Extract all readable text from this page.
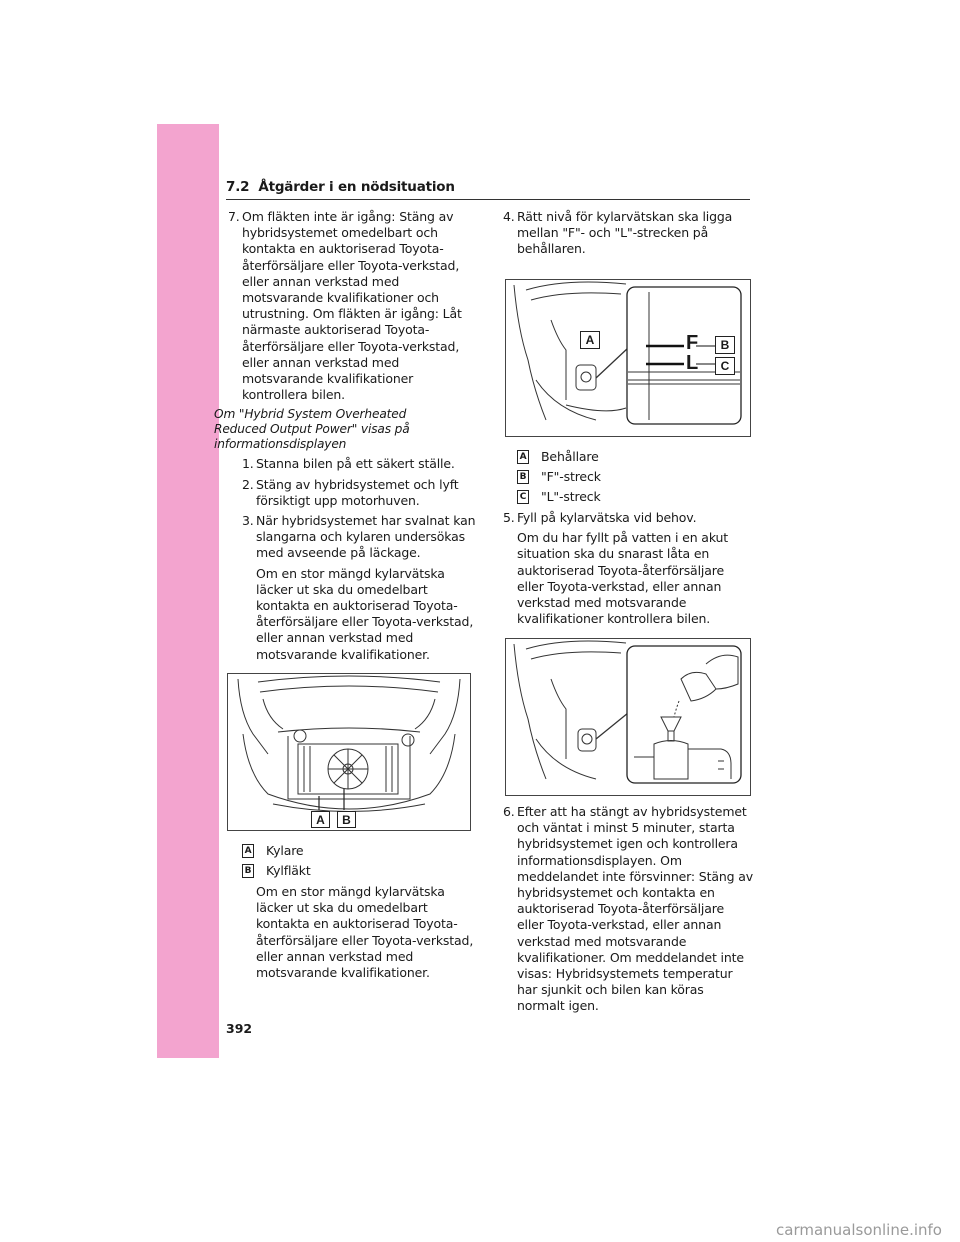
7.2 Åtgärder i en nödsituation
7. Om fläkten inte är igång: Stäng av hybridsystemet omedelbart och kontakta en auktoriserad Toyota-återförsäljare eller Toyota-verkstad, eller annan verkstad med motsvarande kvalifikationer och utrustning. Om fläkten är igång: Låt närmaste auktoriserad Toyota-återförsäljare eller Toyota-verkstad, eller annan verkstad med motsvarande kvalifikationer kontrollera bilen.
Om "Hybrid System Overheated Reduced Output Power" visas på informationsdisplayen
1. Stanna bilen på ett säkert ställe.
2. Stäng av hybridsystemet och lyft försiktigt upp motorhuven.
3. När hybridsystemet har svalnat kan slangarna och kylaren undersökas med avseende på läckage.
Om en stor mängd kylarvätska läcker ut ska du omedelbart kontakta en auktoriserad Toyota-återförsäljare eller Toyota-verkstad, eller annan verkstad med motsvarande kvalifikationer.
A	B
A Kylare
B Kylfläkt
Om en stor mängd kylarvätska läcker ut ska du omedelbart kontakta en auktoriserad Toyota-återförsäljare eller Toyota-verkstad, eller annan verkstad med motsvarande kvalifikationer.
4. Rätt nivå för kylarvätskan ska ligga mellan "F"- och "L"-strecken på behållaren.
A	F
L
B
C
A Behållare
B "F"-streck
C "L"-streck
5. Fyll på kylarvätska vid behov.
Om du har fyllt på vatten i en akut situation ska du snarast låta en auktoriserad Toyota-återförsäljare eller Toyota-verkstad, eller annan verkstad med motsvarande kvalifikationer kontrollera bilen.
6. Efter att ha stängt av hybridsystemet och väntat i minst 5 minuter, starta hybridsystemet igen och kontrollera informationsdisplayen. Om meddelandet inte försvinner: Stäng av hybridsystemet och kontakta en auktoriserad Toyota-återförsäljare eller Toyota-verkstad, eller annan verkstad med motsvarande kvalifikationer. Om meddelandet inte visas: Hybridsystemets temperatur har sjunkit och bilen kan köras normalt igen.
392
carmanualsonline.info
